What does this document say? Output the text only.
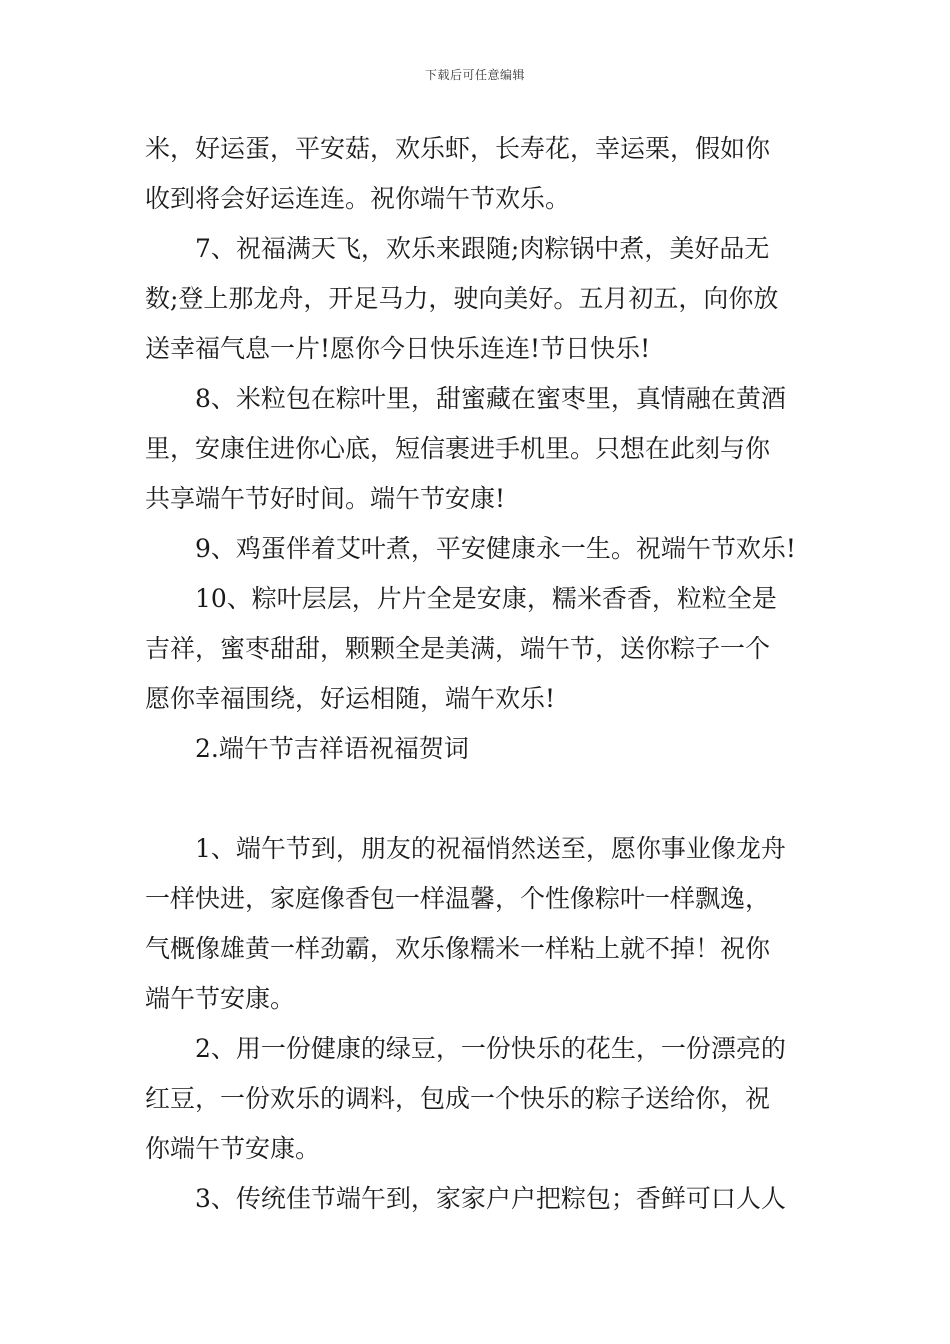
下载后可任意编辑
米，好运蛋，平安菇，欢乐虾，长寿花，幸运栗，假如你
收到将会好运连连。祝你端午节欢乐。
7、祝福满天飞，欢乐来跟随;肉粽锅中煮，美好品无
数;登上那龙舟，开足马力，驶向美好。五月初五，向你放
送幸福气息一片!愿你今日快乐连连!节日快乐!
8、米粒包在粽叶里，甜蜜藏在蜜枣里，真情融在黄酒
里，安康住进你心底，短信裹进手机里。只想在此刻与你
共享端午节好时间。端午节安康!
9、鸡蛋伴着艾叶煮，平安健康永一生。祝端午节欢乐!
10、粽叶层层，片片全是安康，糯米香香，粒粒全是
吉祥，蜜枣甜甜，颗颗全是美满，端午节，送你粽子一个
愿你幸福围绕，好运相随，端午欢乐!
2.端午节吉祥语祝福贺词
1、端午节到，朋友的祝福悄然送至，愿你事业像龙舟
一样快进，家庭像香包一样温馨，个性像粽叶一样飘逸，
气概像雄黄一样劲霸，欢乐像糯米一样粘上就不掉！祝你
端午节安康。
2、用一份健康的绿豆，一份快乐的花生，一份漂亮的
红豆，一份欢乐的调料，包成一个快乐的粽子送给你，祝
你端午节安康。
3、传统佳节端午到，家家户户把粽包；香鲜可口人人
